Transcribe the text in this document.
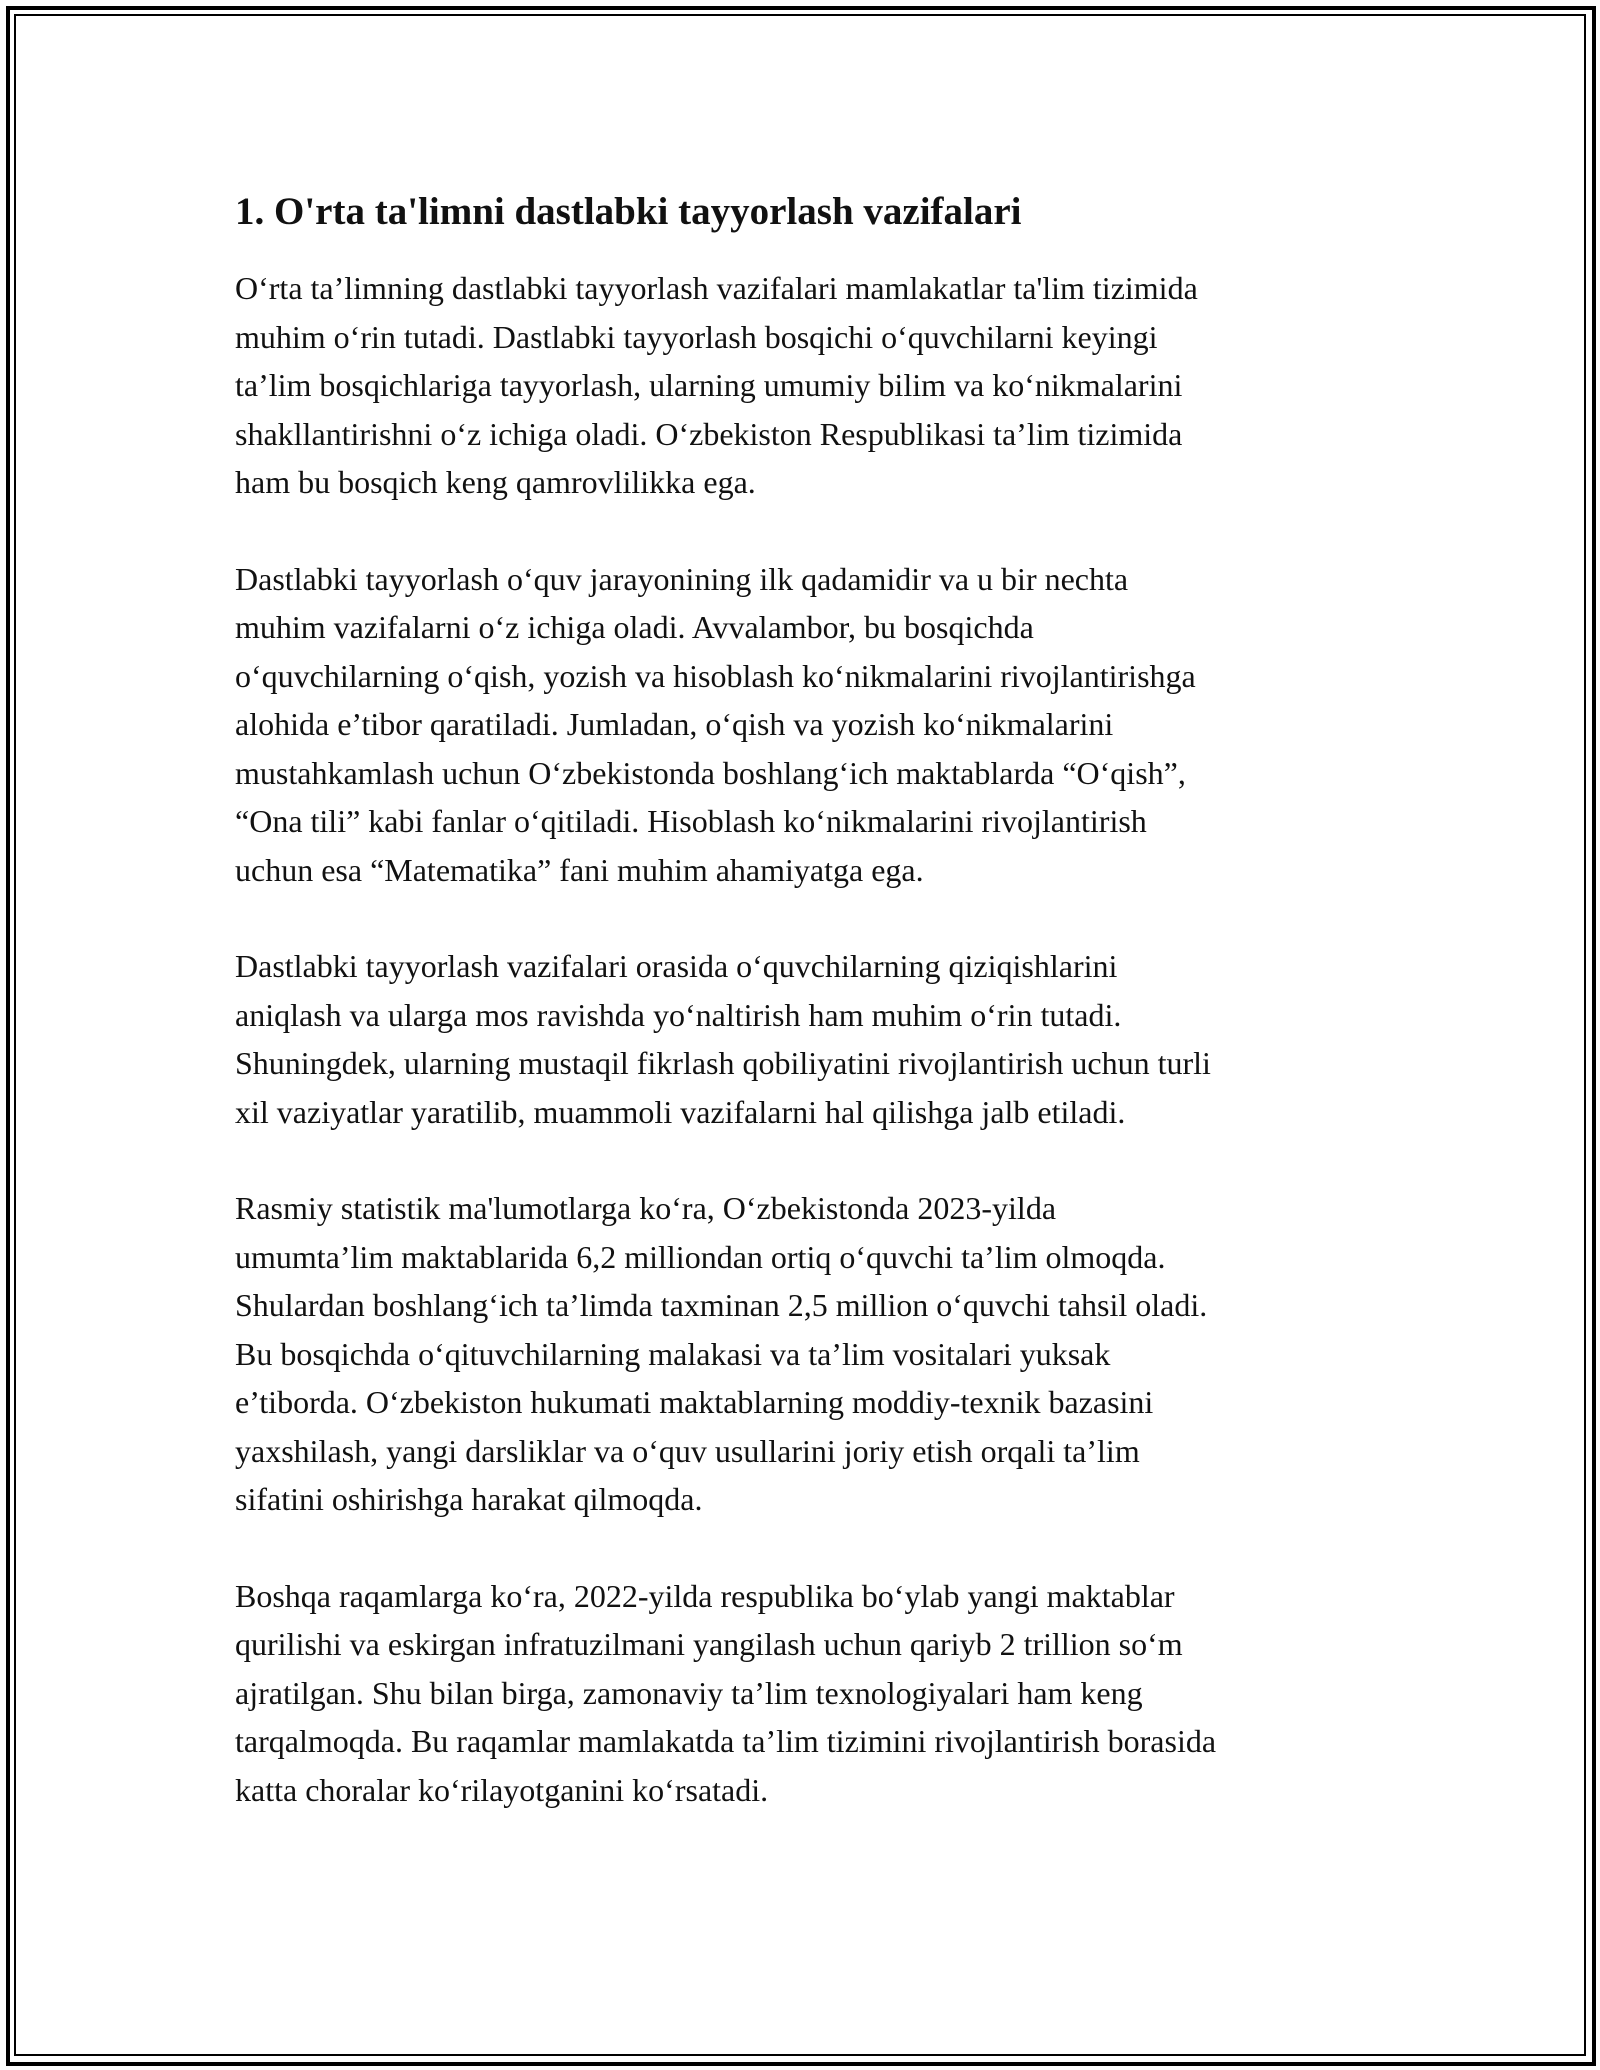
1. O'rta ta'limni dastlabki tayyorlash vazifalari

O‘rta ta’limning dastlabki tayyorlash vazifalari mamlakatlar ta'lim tizimida
muhim o‘rin tutadi. Dastlabki tayyorlash bosqichi o‘quvchilarni keyingi
ta’lim bosqichlariga tayyorlash, ularning umumiy bilim va ko‘nikmalarini
shakllantirishni o‘z ichiga oladi. O‘zbekiston Respublikasi ta’lim tizimida
ham bu bosqich keng qamrovlilikka ega.

Dastlabki tayyorlash o‘quv jarayonining ilk qadamidir va u bir nechta
muhim vazifalarni o‘z ichiga oladi. Avvalambor, bu bosqichda
o‘quvchilarning o‘qish, yozish va hisoblash ko‘nikmalarini rivojlantirishga
alohida e’tibor qaratiladi. Jumladan, o‘qish va yozish ko‘nikmalarini
mustahkamlash uchun O‘zbekistonda boshlang‘ich maktablarda “O‘qish”,
“Ona tili” kabi fanlar o‘qitiladi. Hisoblash ko‘nikmalarini rivojlantirish
uchun esa “Matematika” fani muhim ahamiyatga ega.

Dastlabki tayyorlash vazifalari orasida o‘quvchilarning qiziqishlarini
aniqlash va ularga mos ravishda yo‘naltirish ham muhim o‘rin tutadi.
Shuningdek, ularning mustaqil fikrlash qobiliyatini rivojlantirish uchun turli
xil vaziyatlar yaratilib, muammoli vazifalarni hal qilishga jalb etiladi.

Rasmiy statistik ma'lumotlarga ko‘ra, O‘zbekistonda 2023-yilda
umumta’lim maktablarida 6,2 milliondan ortiq o‘quvchi ta’lim olmoqda.
Shulardan boshlang‘ich ta’limda taxminan 2,5 million o‘quvchi tahsil oladi.
Bu bosqichda o‘qituvchilarning malakasi va ta’lim vositalari yuksak
e’tiborda. O‘zbekiston hukumati maktablarning moddiy-texnik bazasini
yaxshilash, yangi darsliklar va o‘quv usullarini joriy etish orqali ta’lim
sifatini oshirishga harakat qilmoqda.

Boshqa raqamlarga ko‘ra, 2022-yilda respublika bo‘ylab yangi maktablar
qurilishi va eskirgan infratuzilmani yangilash uchun qariyb 2 trillion so‘m
ajratilgan. Shu bilan birga, zamonaviy ta’lim texnologiyalari ham keng
tarqalmoqda. Bu raqamlar mamlakatda ta’lim tizimini rivojlantirish borasida
katta choralar ko‘rilayotganini ko‘rsatadi.
